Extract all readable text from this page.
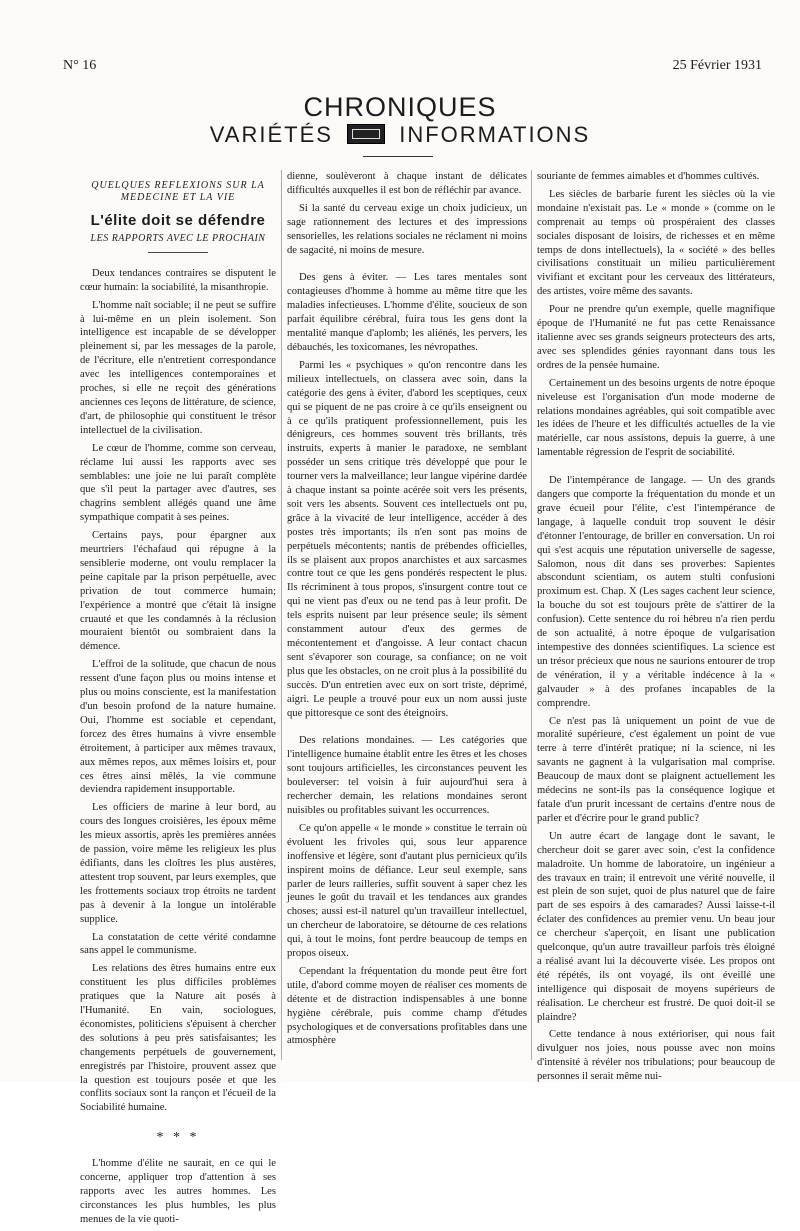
N° 16	25 Février 1931
CHRONIQUES
VARIÉTÉS	INFORMATIONS
QUELQUES REFLEXIONS SUR LA MEDECINE ET LA VIE
L'élite doit se défendre
LES RAPPORTS AVEC LE PROCHAIN

Deux tendances contraires se disputent le cœur humain: la sociabilité, la misanthropie.

L'homme naît sociable; il ne peut se suffire à lui-même en un plein isolement. Son intelligence est incapable de se développer pleinement si, par les messages de la parole, de l'écriture, elle n'entretient correspondance avec les intelligences contemporaines et proches, si elle ne reçoit des générations anciennes ces leçons de littérature, de science, d'art, de philosophie qui constituent le trésor intellectuel de la civilisation.

Le cœur de l'homme, comme son cerveau, réclame lui aussi les rapports avec ses semblables: une joie ne lui paraît complète que s'il peut la partager avec d'autres, ses chagrins semblent allégés quand une âme sympathique compatit à ses peines.

Certains pays, pour épargner aux meurtriers l'échafaud qui répugne à la sensiblerie moderne, ont voulu remplacer la peine capitale par la prison perpétuelle, avec privation de tout commerce humain; l'expérience a montré que c'était là insigne cruauté et que les condamnés à la réclusion mouraient bientôt ou sombraient dans la démence.

L'effroi de la solitude, que chacun de nous ressent d'une façon plus ou moins intense et plus ou moins consciente, est la manifestation d'un besoin profond de la nature humaine. Oui, l'homme est sociable et cependant, forcez des êtres humains à vivre ensemble étroitement, à participer aux mêmes travaux, aux mêmes repos, aux mêmes loisirs et, pour ces êtres ainsi mêlés, la vie commune deviendra rapidement insupportable.

Les officiers de marine à leur bord, au cours des longues croisières, les époux même les mieux assortis, après les premières années de passion, voire même les religieux les plus édifiants, dans les cloîtres les plus austères, attestent trop souvent, par leurs exemples, que les frottements sociaux trop étroits ne tardent pas à devenir à la longue un intolérable supplice.

La constatation de cette vérité condamne sans appel le communisme.

Les relations des êtres humains entre eux constituent les plus difficiles problèmes pratiques que la Nature ait posés à l'Humanité. En vain, sociologues, économistes, politiciens s'épuisent à chercher des solutions à peu près satisfaisantes; les changements perpétuels de gouvernement, enregistrés par l'histoire, prouvent assez que la question est toujours posée et que les conflits sociaux sont la rançon et l'écueil de la Sociabilité humaine.

* * *

L'homme d'élite ne saurait, en ce qui le concerne, appliquer trop d'attention à ses rapports avec les autres hommes. Les circonstances les plus humbles, les plus menues de la vie quoti-

dienne, soulèveront à chaque instant de délicates difficultés auxquelles il est bon de réfléchir par avance.

Si la santé du cerveau exige un choix judicieux, un sage rationnement des lectures et des impressions sensorielles, les relations sociales ne réclament ni moins de sagacité, ni moins de mesure.

Des gens à éviter. — Les tares mentales sont contagieuses d'homme à homme au même titre que les maladies infectieuses. L'homme d'élite, soucieux de son parfait équilibre cérébral, fuira tous les gens dont la mentalité manque d'aplomb; les aliénés, les pervers, les débauchés, les toxicomanes, les névropathes.

Parmi les « psychiques » qu'on rencontre dans les milieux intellectuels, on classera avec soin, dans la catégorie des gens à éviter, d'abord les sceptiques, ceux qui se piquent de ne pas croire à ce qu'ils enseignent ou à ce qu'ils pratiquent professionnellement, puis les dénigreurs, ces hommes souvent très brillants, très instruits, experts à manier le paradoxe, ne semblant posséder un sens critique très développé que pour le tourner vers la malveillance; leur langue vipérine dardée à chaque instant sa pointe acérée soit vers les présents, soit vers les absents. Souvent ces intellectuels ont pu, grâce à la vivacité de leur intelligence, accéder à des postes très importants; ils n'en sont pas moins de perpétuels mécontents; nantis de prébendes officielles, ils se plaisent aux propos anarchistes et aux sarcasmes contre tout ce que les gens pondérés respectent le plus. Ils récriminent à tous propos, s'insurgent contre tout ce qui ne vient pas d'eux ou ne tend pas à leur profit. De tels esprits nuisent par leur présence seule; ils sèment constamment autour d'eux des germes de mécontentement et d'angoisse. A leur contact chacun sent s'évaporer son courage, sa confiance; on ne voit plus que les obstacles, on ne croit plus à la possibilité du succès. D'un entretien avec eux on sort triste, déprimé, aigri. Le peuple a trouvé pour eux un nom aussi juste que pittoresque ce sont des éteignoirs.

Des relations mondaines. — Les catégories que l'intelligence humaine établit entre les êtres et les choses sont toujours artificielles, les circonstances peuvent les bouleverser: tel voisin à fuir aujourd'hui sera à rechercher demain, les relations mondaines seront nuisibles ou profitables suivant les occurrences.

Ce qu'on appelle « le monde » constitue le terrain où évoluent les frivoles qui, sous leur apparence inoffensive et légère, sont d'autant plus pernicieux qu'ils inspirent moins de défiance. Leur seul exemple, sans parler de leurs railleries, suffit souvent à saper chez les jeunes le goût du travail et les tendances aux grandes choses; aussi est-il naturel qu'un travailleur intellectuel, un chercheur de laboratoire, se détourne de ces relations qui, à tout le moins, font perdre beaucoup de temps en propos oiseux.

Cependant la fréquentation du monde peut être fort utile, d'abord comme moyen de réaliser ces moments de détente et de distraction indispensables à une bonne hygiène cérébrale, puis comme champ d'études psychologiques et de conversations profitables dans une atmosphère

souriante de femmes aimables et d'hommes cultivés.

Les siècles de barbarie furent les siècles où la vie mondaine n'existait pas. Le « monde » (comme on le comprenait au temps où prospéraient des classes sociales disposant de loisirs, de richesses et en même temps de dons intellectuels), la « société » des belles civilisations constituait un milieu particulièrement vivifiant et excitant pour les cerveaux des littérateurs, des artistes, voire même des savants.

Pour ne prendre qu'un exemple, quelle magnifique époque de l'Humanité ne fut pas cette Renaissance italienne avec ses grands seigneurs protecteurs des arts, avec ses splendides génies rayonnant dans tous les ordres de la pensée humaine.

Certainement un des besoins urgents de notre époque niveleuse est l'organisation d'un mode moderne de relations mondaines agréables, qui soit compatible avec les idées de l'heure et les difficultés actuelles de la vie matérielle, car nous assistons, depuis la guerre, à une lamentable régression de l'esprit de sociabilité.

De l'intempérance de langage. — Un des grands dangers que comporte la fréquentation du monde et un grave écueil pour l'élite, c'est l'intempérance de langage, à laquelle conduit trop souvent le désir d'étonner l'entourage, de briller en conversation. Un roi qui s'est acquis une réputation universelle de sagesse, Salomon, nous dit dans ses proverbes: Sapientes abscondunt scientiam, os autem stulti confusioni proximum est. Chap. X (Les sages cachent leur science, la bouche du sot est toujours prête de s'attirer de la confusion). Cette sentence du roi hébreu n'a rien perdu de son actualité, à notre époque de vulgarisation intempestive des données scientifiques. La science est un trésor précieux que nous ne saurions entourer de trop de vénération, il y a véritable indécence à la « galvauder » à des profanes incapables de la comprendre.

Ce n'est pas là uniquement un point de vue de moralité supérieure, c'est également un point de vue terre à terre d'intérêt pratique; ni la science, ni les savants ne gagnent à la vulgarisation mal comprise. Beaucoup de maux dont se plaignent actuellement les médecins ne sont-ils pas la conséquence logique et fatale d'un prurit incessant de certains d'entre nous de parler et d'écrire pour le grand public?

Un autre écart de langage dont le savant, le chercheur doit se garer avec soin, c'est la confidence maladroite. Un homme de laboratoire, un ingénieur a des travaux en train; il entrevoit une vérité nouvelle, il est plein de son sujet, quoi de plus naturel que de faire part de ses espoirs à des camarades? Aussi laisse-t-il éclater des confidences au premier venu. Un beau jour ce chercheur s'aperçoit, en lisant une publication quelconque, qu'un autre travailleur parfois très éloigné a réalisé avant lui la découverte visée. Les propos ont été répétés, ils ont voyagé, ils ont éveillé une intelligence qui disposait de moyens supérieurs de réalisation. Le chercheur est frustré. De quoi doit-il se plaindre?

Cette tendance à nous extérioriser, qui nous fait divulguer nos joies, nous pousse avec non moins d'intensité à révéler nos tribulations; pour beaucoup de personnes il serait même nui-
